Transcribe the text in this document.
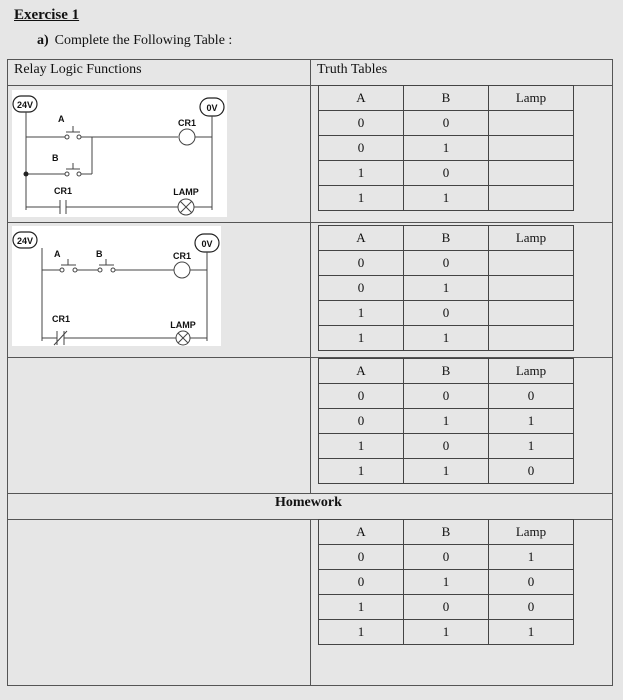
Exercise 1
a) Complete the Following Table :
Relay Logic Functions	Truth Tables
Homework
24V	0V
A	CR1
B
CR1	LAMP
24V	0V
A	B	CR1
CR1
LAMP
A	B	Lamp
0	0	
0	1	
1	0	
1	1	
A	B	Lamp
0	0	
0	1	
1	0	
1	1	
A	B	Lamp
0	0	0
0	1	1
1	0	1
1	1	0
A	B	Lamp
0	0	1
0	1	0
1	0	0
1	1	1
